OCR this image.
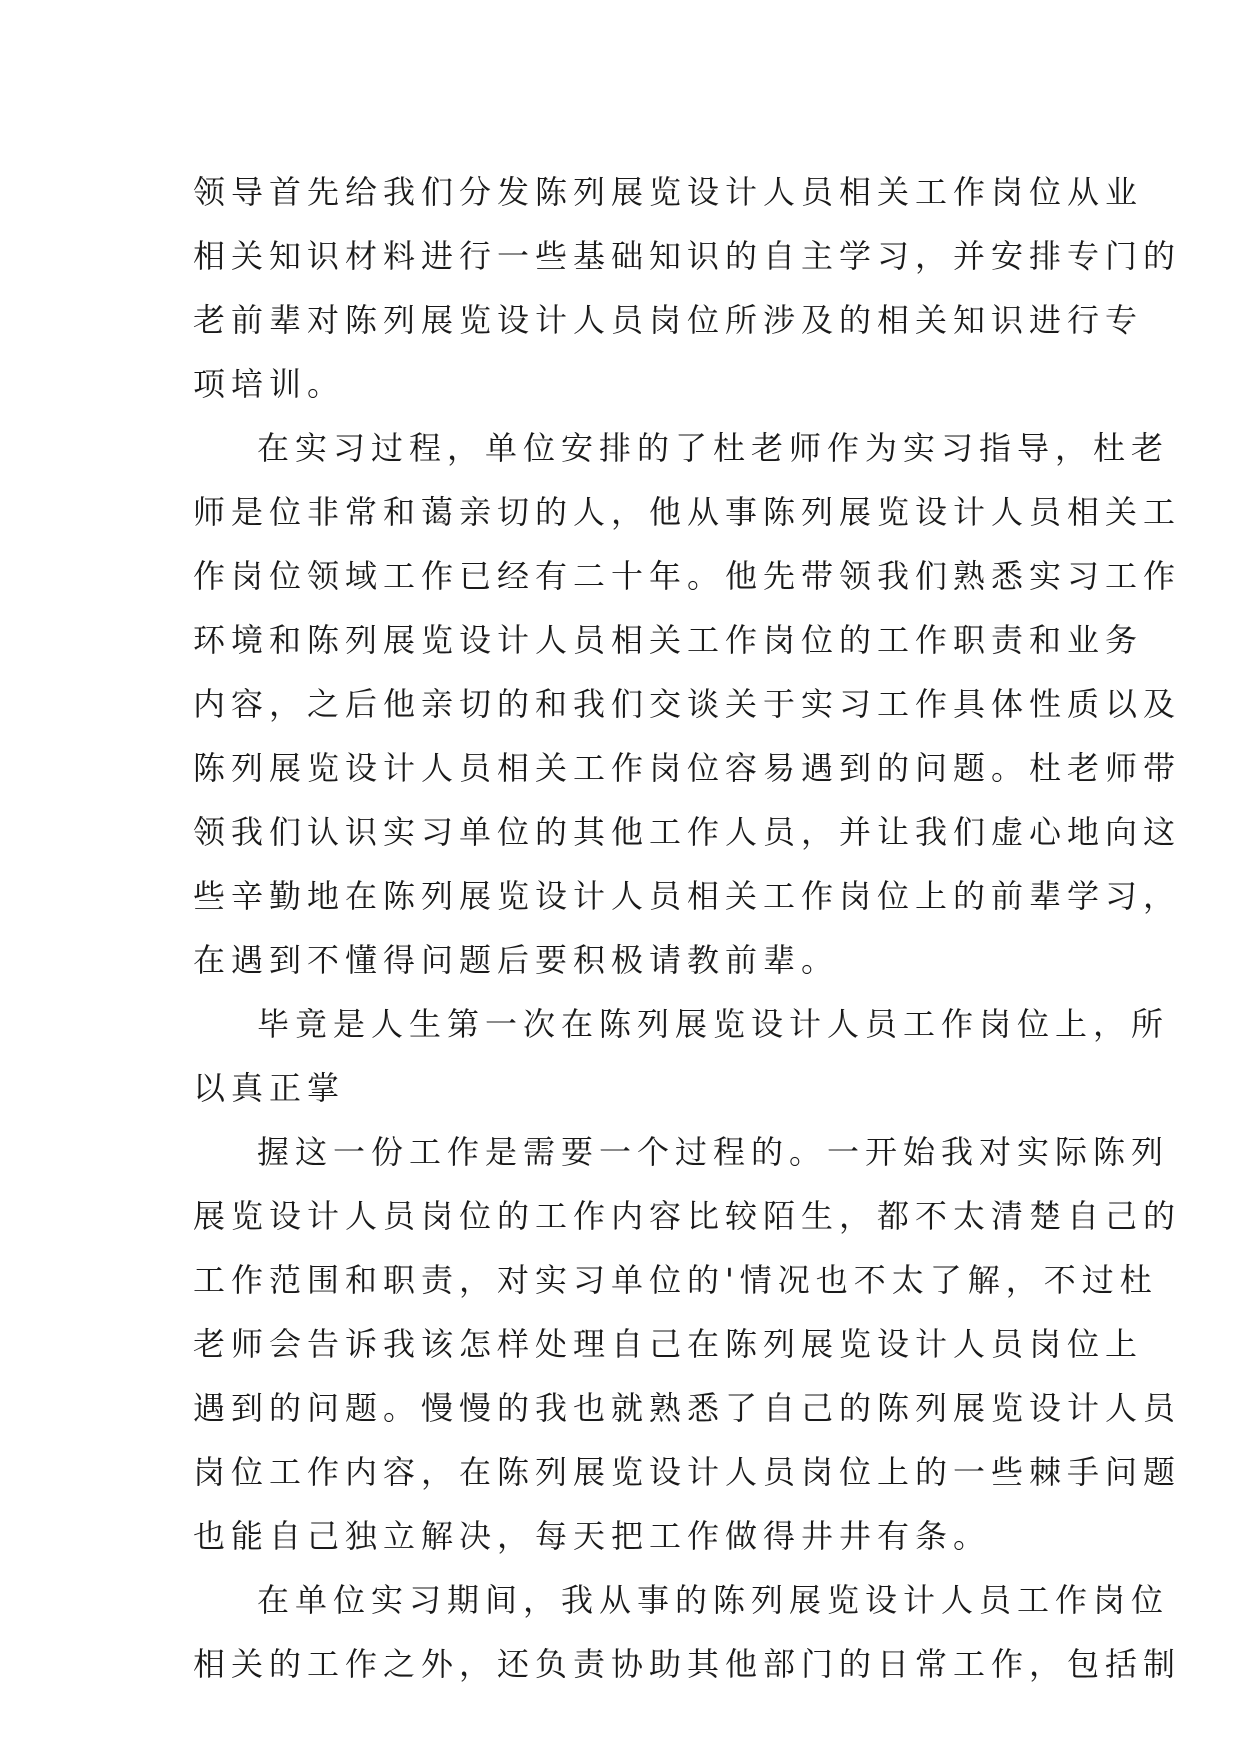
领导首先给我们分发陈列展览设计人员相关工作岗位从业
相关知识材料进行一些基础知识的自主学习，并安排专门的
老前辈对陈列展览设计人员岗位所涉及的相关知识进行专
项培训。
在实习过程，单位安排的了杜老师作为实习指导，杜老
师是位非常和蔼亲切的人，他从事陈列展览设计人员相关工
作岗位领域工作已经有二十年。他先带领我们熟悉实习工作
环境和陈列展览设计人员相关工作岗位的工作职责和业务
内容，之后他亲切的和我们交谈关于实习工作具体性质以及
陈列展览设计人员相关工作岗位容易遇到的问题。杜老师带
领我们认识实习单位的其他工作人员，并让我们虚心地向这
些辛勤地在陈列展览设计人员相关工作岗位上的前辈学习，
在遇到不懂得问题后要积极请教前辈。
毕竟是人生第一次在陈列展览设计人员工作岗位上，所
以真正掌
握这一份工作是需要一个过程的。一开始我对实际陈列
展览设计人员岗位的工作内容比较陌生，都不太清楚自己的
工作范围和职责，对实习单位的'情况也不太了解，不过杜
老师会告诉我该怎样处理自己在陈列展览设计人员岗位上
遇到的问题。慢慢的我也就熟悉了自己的陈列展览设计人员
岗位工作内容，在陈列展览设计人员岗位上的一些棘手问题
也能自己独立解决，每天把工作做得井井有条。
在单位实习期间，我从事的陈列展览设计人员工作岗位
相关的工作之外，还负责协助其他部门的日常工作，包括制
